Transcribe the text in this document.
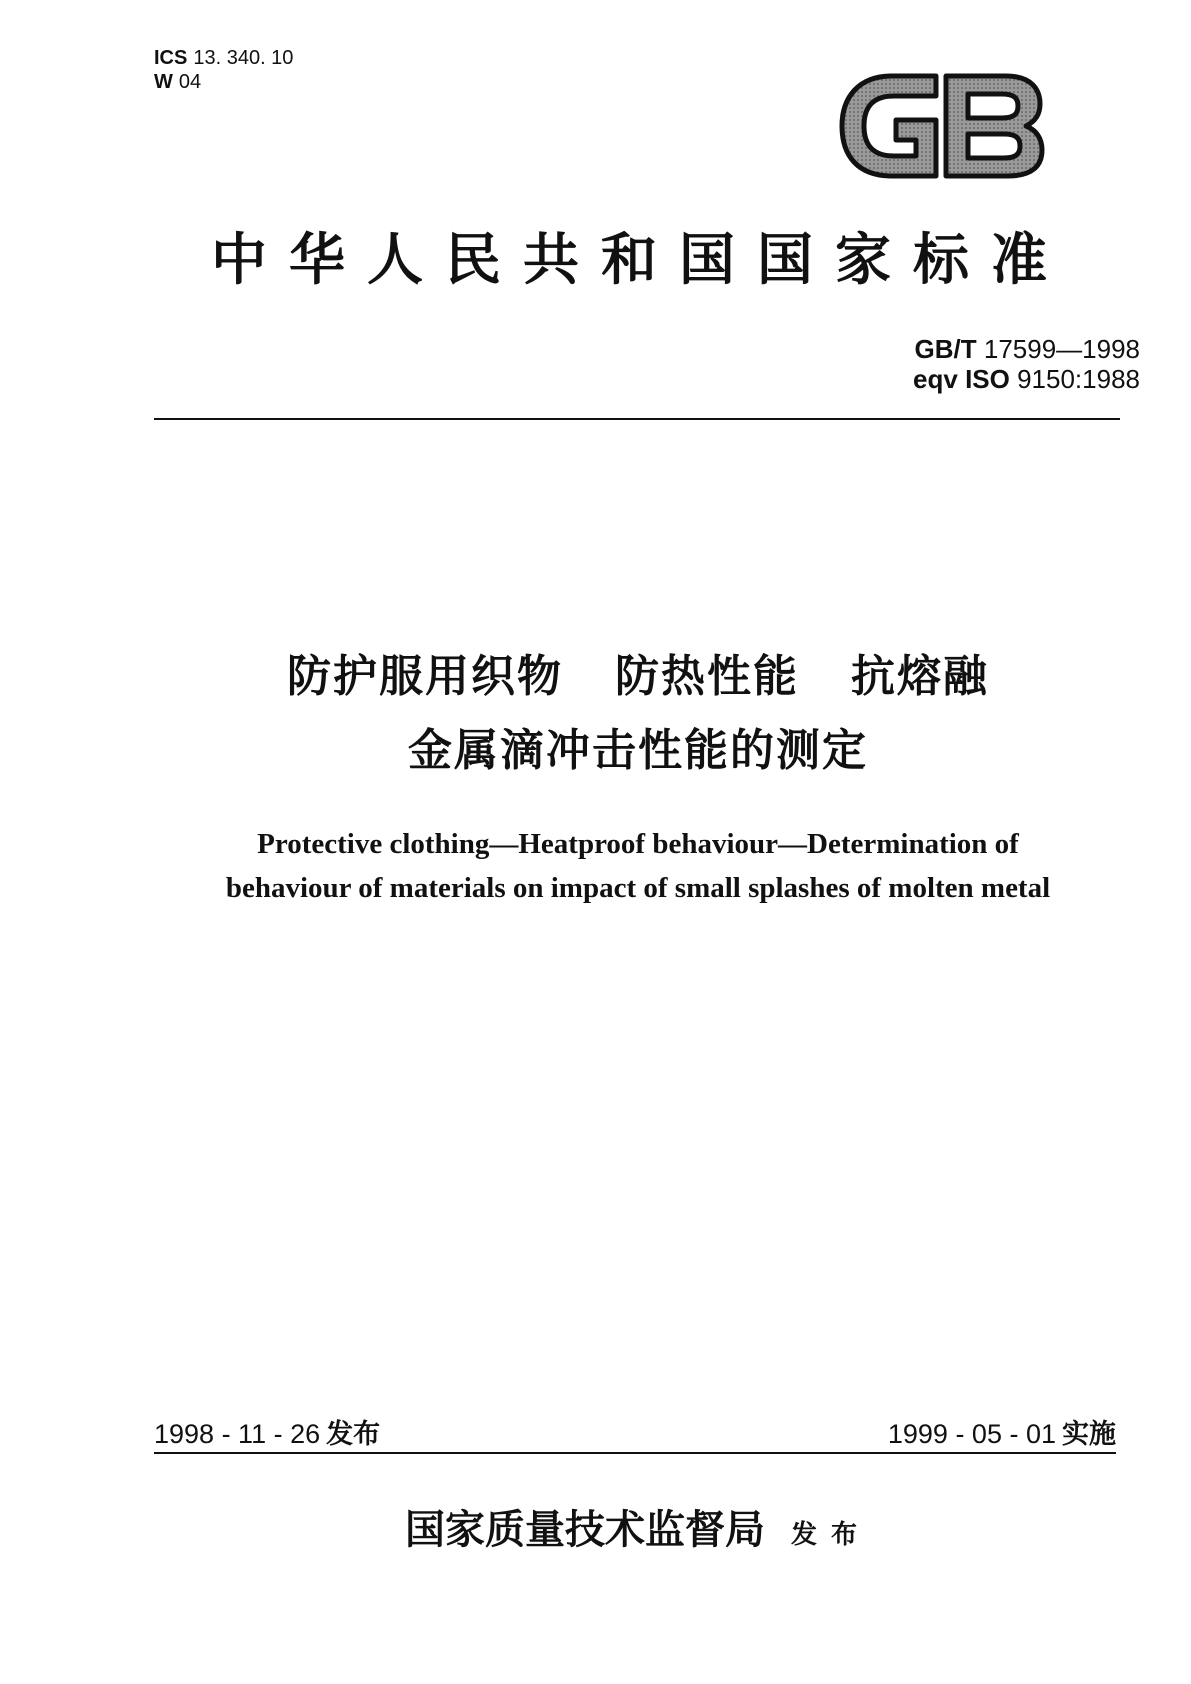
ICS 13. 340. 10
W 04
中华人民共和国国家标准
GB/T 17599—1998
eqv ISO 9150:1988
防护服用织物 防热性能 抗熔融
金属滴冲击性能的测定
Protective clothing—Heatproof behaviour—Determination of
behaviour of materials on impact of small splashes of molten metal
1998 - 11 - 26 发布	1999 - 05 - 01 实施
国家质量技术监督局 发布
